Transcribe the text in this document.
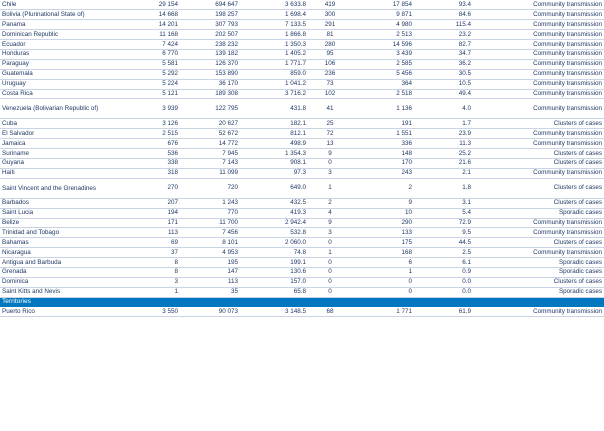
Chile	29 154	694 647	3 633.8	419	17 854	93.4	Community transmission
Bolivia (Plurinational State of)	14 668	198 257	1 698.4	300	9 871	84.6	Community transmission
Panama	14 201	307 793	7 133.5	291	4 980	115.4	Community transmission
Dominican Republic	11 168	202 507	1 866.8	81	2 513	23.2	Community transmission
Ecuador	7 424	238 232	1 350.3	280	14 596	82.7	Community transmission
Honduras	6 770	139 182	1 405.2	95	3 439	34.7	Community transmission
Paraguay	5 581	126 370	1 771.7	106	2 585	36.2	Community transmission
Guatemala	5 292	153 890	859.0	236	5 456	30.5	Community transmission
Uruguay	5 224	36 170	1 041.2	73	364	10.5	Community transmission
Costa Rica	5 121	189 308	3 716.2	102	2 518	49.4	Community transmission
Venezuela (Bolivarian Republic of)	3 939	122 795	431.8	41	1 136	4.0	Community transmission
Cuba	3 126	20 627	182.1	25	191	1.7	Clusters of cases
El Salvador	2 515	52 672	812.1	72	1 551	23.9	Community transmission
Jamaica	676	14 772	498.9	13	336	11.3	Community transmission
Suriname	536	7 945	1 354.3	9	148	25.2	Clusters of cases
Guyana	338	7 143	908.1	0	170	21.6	Clusters of cases
Haiti	318	11 099	97.3	3	243	2.1	Community transmission
Saint Vincent and the Grenadines	270	720	649.0	1	2	1.8	Clusters of cases
Barbados	207	1 243	432.5	2	9	3.1	Clusters of cases
Saint Lucia	194	770	419.3	4	10	5.4	Sporadic cases
Belize	171	11 700	2 942.4	9	290	72.9	Community transmission
Trinidad and Tobago	113	7 456	532.8	3	133	9.5	Community transmission
Bahamas	69	8 101	2 060.0	0	175	44.5	Clusters of cases
Nicaragua	37	4 953	74.8	1	168	2.5	Community transmission
Antigua and Barbuda	8	195	199.1	0	6	6.1	Sporadic cases
Grenada	8	147	130.6	0	1	0.9	Sporadic cases
Dominica	3	113	157.0	0	0	0.0	Clusters of cases
Saint Kitts and Nevis	1	35	65.8	0	0	0.0	Sporadic cases
Territories							
Puerto Rico	3 550	90 073	3 148.5	68	1 771	61.9	Community transmission
